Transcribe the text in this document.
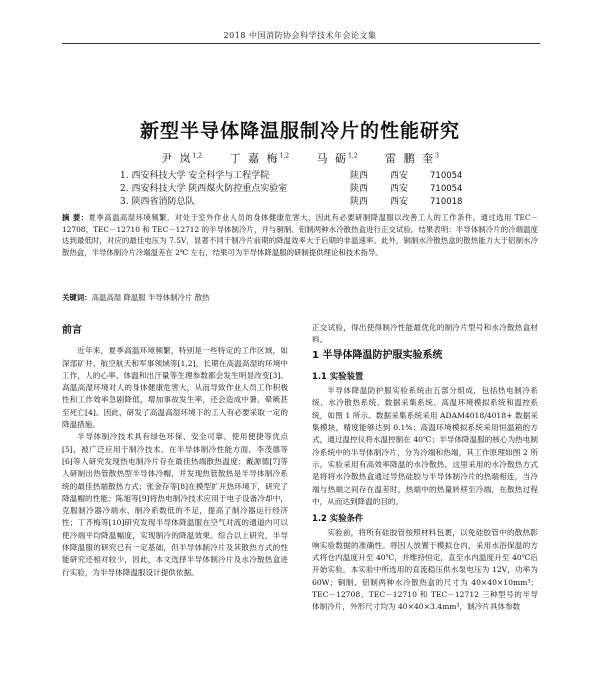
2018 中国消防协会科学技术年会论文集
新型半导体降温服制冷片的性能研究
尹 岚$^{1,2}$	丁 嘉 梅$^{1,2}$	马 砺$^{1,2}$	雷 鹏 奎$^3$
1. 西安科技大学 安全科学与工程学院	陕西	西安	710054
2. 西安科技大学 陕西煤火防控重点实验室	陕西	西安	710054
3. 陕西省消防总队	陕西	西安	710018
摘 要：夏季高温高湿环境频繁，对处于室外作业人员的身体健康危害大，因此有必要研制降温服以改善工人的工作条件。通过选用 TEC－12708、TEC－12710 和 TEC－12712 的半导体制冷片，并与铜制、铝制两种水冷散热盒进行正交试验。结果表明：半导体制冷片的冷端温度达到最低时，对应的最佳电压为 7.5V，显著不同于制冷片前期的降温效率大于后期的非温速率。此外，铜制水冷散热盒的散热能力大于铝制水冷散热盒，半导体制冷片冷端温差在 2℃ 左右，结果可为半导体降温服的研制提供理论和技术指导。
关键词：高温高湿 降温服 半导体制冷片 散热
前言

近年来，夏季高温环境频繁，特别是一些特定的工作区域，如深部矿井、航空航天和军事领域等[1,2]，长期在高温高湿的环境中工作，人的心率、体温和出汗量等生理参数都会发生明显改变[3]。高温高湿环境对人的身体健康危害大，从而导致作业人员工作积极性和工作效率急剧降低，增加事故发生率，还会造成中暑、晕厥甚至死亡[4]。因此，研发了高温高湿环境下的工人有必要采取一定的降温措施。

半导体制冷技术具有绿色环保、安全可靠、使用便捷等优点[5]，被广泛应用于制冷技术。在半导体制冷性能方面，李茂德等[6]等人研究发现热电制冷片存在最佳热端散热温度；戴源德[7]等人研制出热管散热型半导体冷帽，并发现热管散热是半导体制冷系统的最佳热端散热方式；张金存等[8]在模型扩开热环境下，研究了降温帽的性能；陈旭等[9]将热电制冷技术应用于电子设备冷却中，克服制冷器冷端水、制冷系数低的不足，提高了制冷器运行经济性；丁齐梅等[10]研究发现半导体降温服在空气对流的通道内可以使冷端平均降温幅度，实现制冷的降温效果。综合以上研究，半导体降温服的研究已有一定基础，但半导体制冷片及其散热方式的性能研究还相对较少，因此，本文选择半导体制冷片及水冷散热盒进行实验，为半导体降温服设计提供依据。

正交试验，得出使得制冷性能最优化的制冷片型号和水冷散热盒材料。

1 半导体降温防护服实验系统
1.1 实验装置

半导体降温防护服实验系统由五部分组成，包括热电制冷系统、水冷散热系统、数据采集系统、高温环境模拟系统和温控系统，如图 1 所示。数据采集系统采用 ADAM4018/4018+ 数据采集模块，精度能够达到 0.1%；高温环境模拟系统采用恒温箱的方式，通过温控仪将水温控制在 40℃；半导体降温服的核心为热电制冷系统中的半导体制冷片，分为冷端和热端，其工作原理如图 2 所示。实验采用有高效率降温的水冷散热，这里采用的水冷散热方式是将将水冷散热盒通过导热硅胶与半导体制冷片的热端相连，当冷端与热端之间存在温差时，热端中的热量转移至冷端，在散热过程中，从而达到降温的目的。

1.2 实验条件

实验前，将所有硅胶管按照材料包裹，以免硅胶管中的散热影响实验数据的准确性。将因人放置于模拟仓内，采用水浴保温的方式将仓内温度升至 40℃，并维持恒定，直至水内温度升至 40℃后开始实验。本实验中所选用的直流稳压供水泵电压为 12V，功率为 60W；铜制、铝制两种水冷散热盒的尺寸为 40×40×10mm³；TEC－12708、TEC－12710 和 TEC－12712 三种型号的半导体制冷片，外形尺寸均为 40×40×3.4mm³，制冷片具体参数
